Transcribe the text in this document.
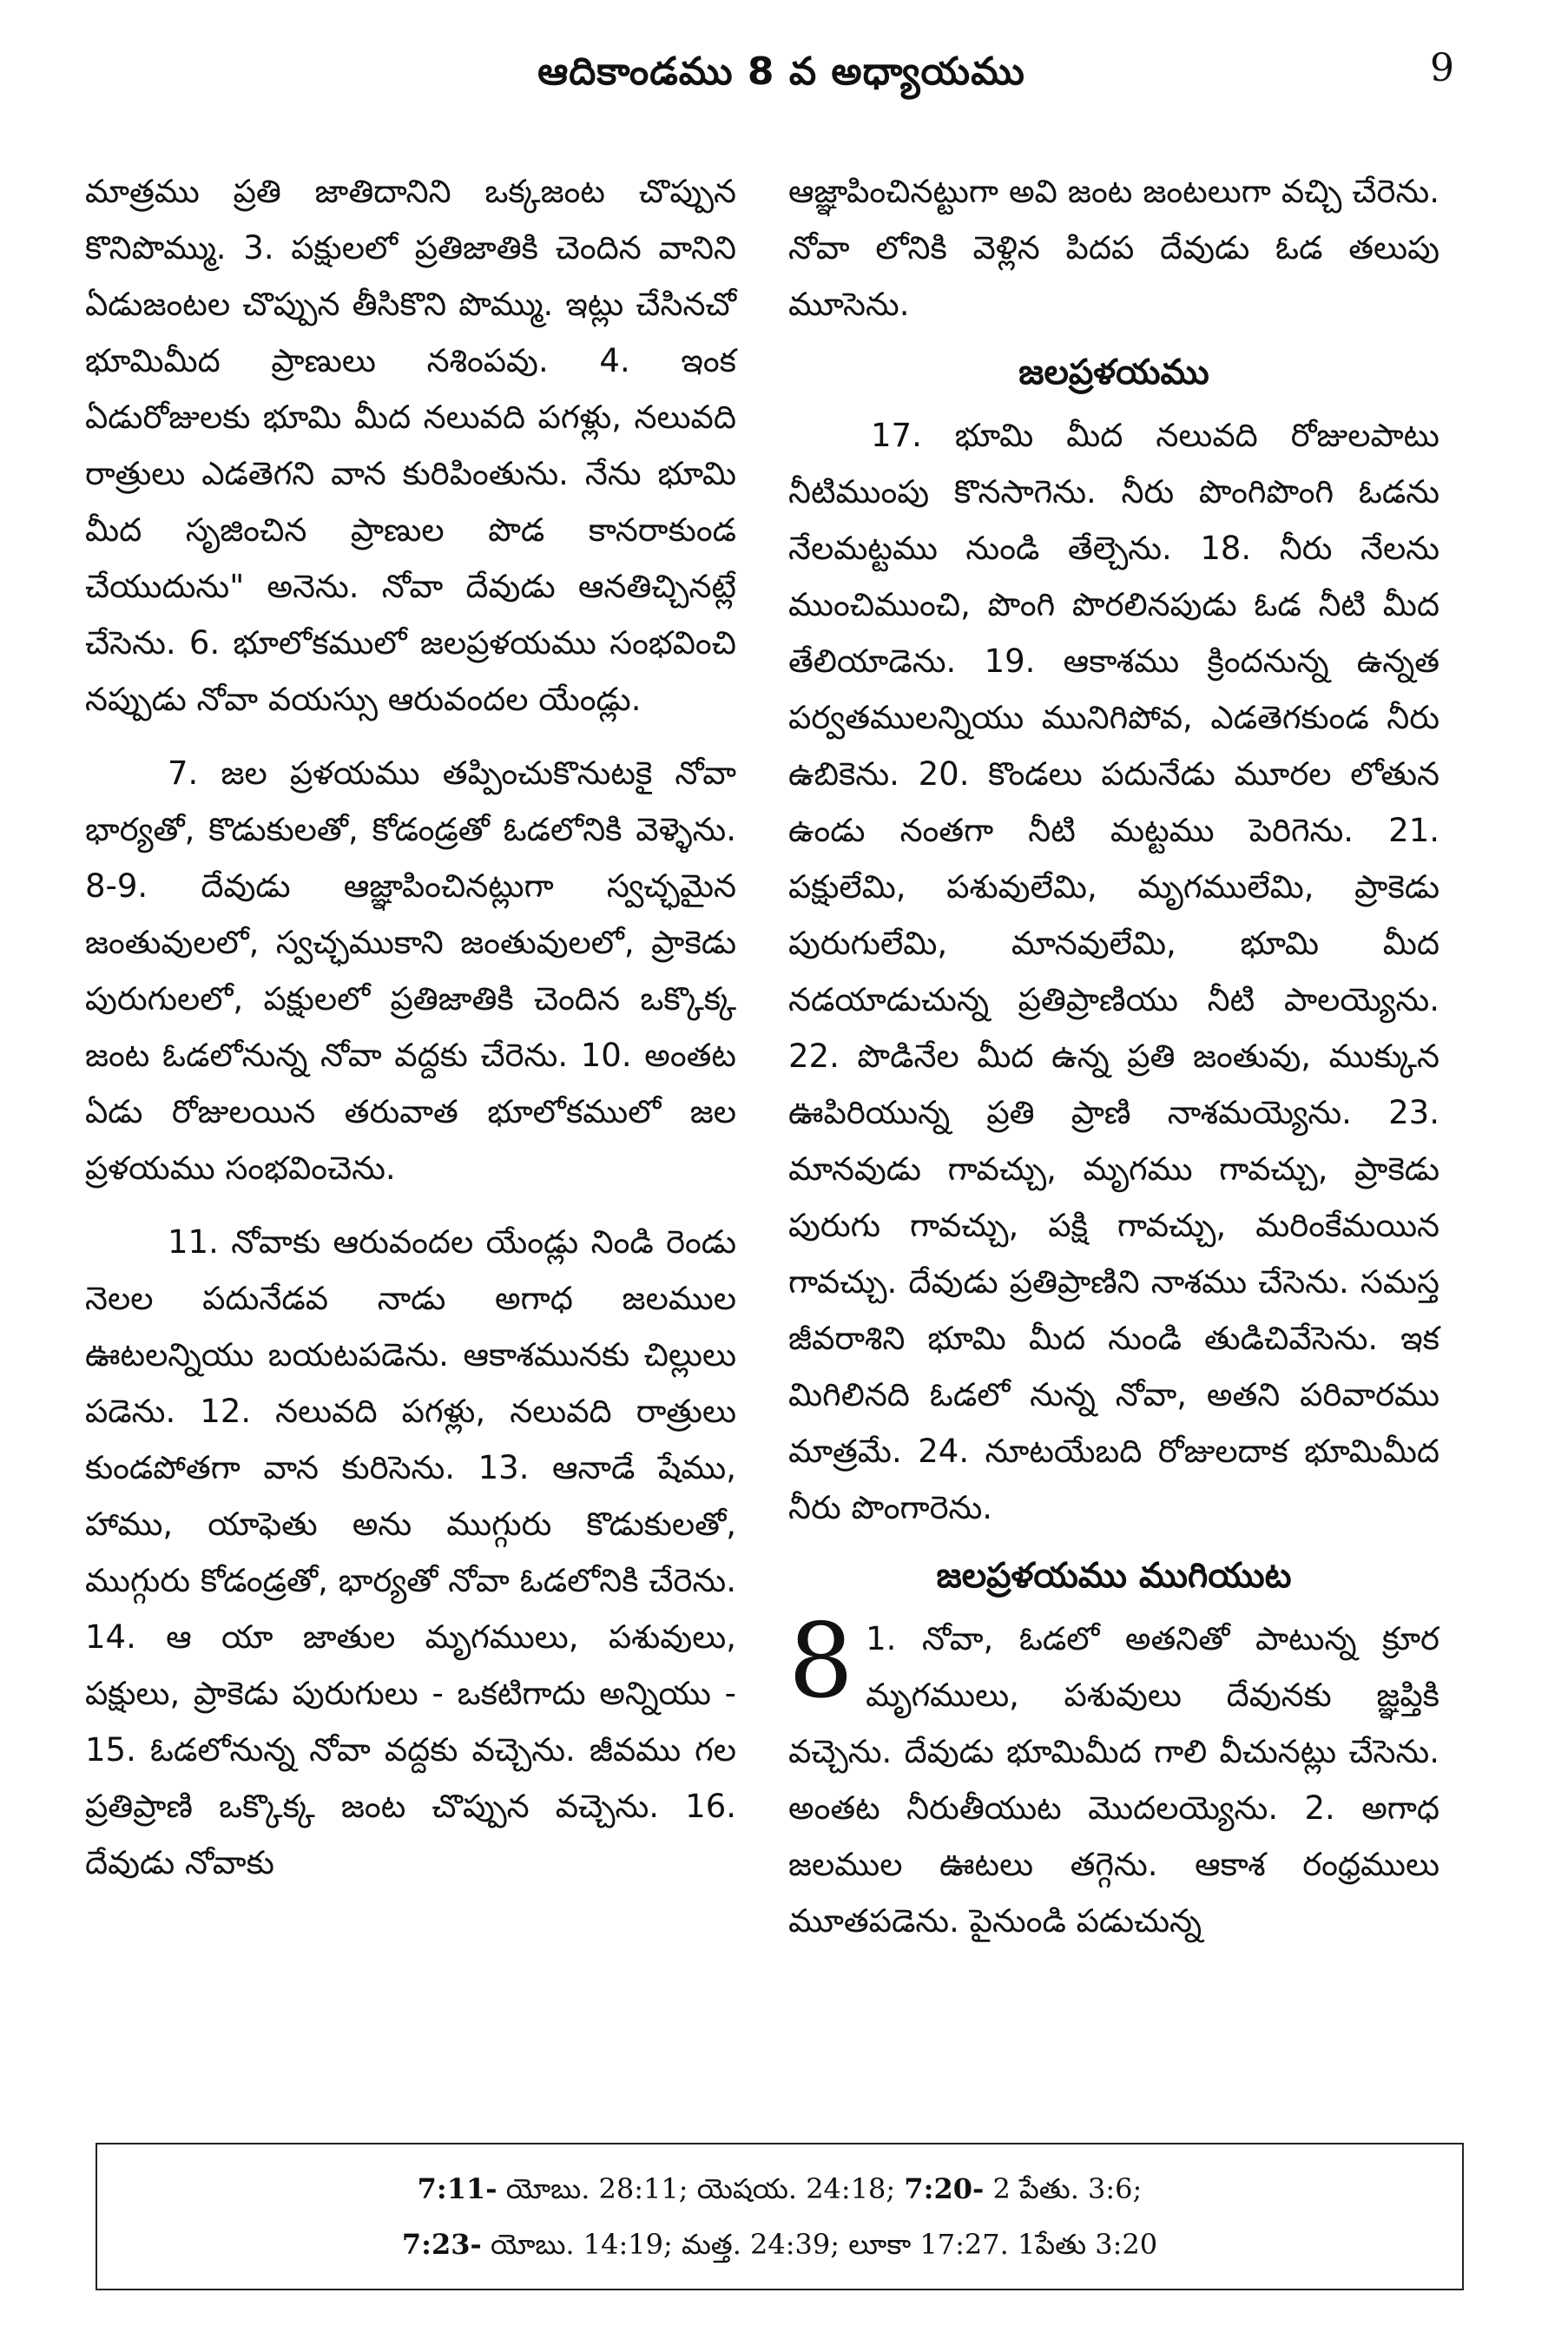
ఆదికాండము 8 వ అధ్యాయము	9

మాత్రము ప్రతి జాతిదానిని ఒక్కజంట చొప్పున కొనిపొమ్ము. 3. పక్షులలో ప్రతిజాతికి చెందిన వానిని ఏడుజంటల చొప్పున తీసికొని పొమ్ము. ఇట్లు చేసినచో భూమిమీద ప్రాణులు నశింపవు. 4. ఇంక ఏడురోజులకు భూమి మీద నలువది పగళ్లు, నలువది రాత్రులు ఎడతెగని వాన కురిపింతును. నేను భూమి మీద సృజించిన ప్రాణుల పొడ కానరాకుండ చేయుదును" అనెను. నోవా దేవుడు ఆనతిచ్చినట్లే చేసెను. 6. భూలోకములో జలప్రళయము సంభవించి నప్పుడు నోవా వయస్సు ఆరువందల యేండ్లు.

7. జల ప్రళయము తప్పించుకొనుటకై నోవా భార్యతో, కొడుకులతో, కోడండ్రతో ఓడలోనికి వెళ్ళెను. 8-9. దేవుడు ఆజ్ఞాపించినట్లుగా స్వచ్ఛమైన జంతువులలో, స్వచ్ఛముకాని జంతువులలో, ప్రాకెడు పురుగులలో, పక్షులలో ప్రతిజాతికి చెందిన ఒక్కొక్క జంట ఓడలోనున్న నోవా వద్దకు చేరెను. 10. అంతట ఏడు రోజులయిన తరువాత భూలోకములో జల ప్రళయము సంభవించెను.

11. నోవాకు ఆరువందల యేండ్లు నిండి రెండు నెలల పదునేడవ నాడు అగాధ జలముల ఊటలన్నియు బయటపడెను. ఆకాశమునకు చిల్లులు పడెను. 12. నలువది పగళ్లు, నలువది రాత్రులు కుండపోతగా వాన కురిసెను. 13. ఆనాడే షేము, హాము, యాఫెతు అను ముగ్గురు కొడుకులతో, ముగ్గురు కోడండ్రతో, భార్యతో నోవా ఓడలోనికి చేరెను. 14. ఆ యా జాతుల మృగములు, పశువులు, పక్షులు, ప్రాకెడు పురుగులు - ఒకటిగాదు అన్నియు - 15. ఓడలోనున్న నోవా వద్దకు వచ్చెను. జీవము గల ప్రతిప్రాణి ఒక్కొక్క జంట చొప్పున వచ్చెను. 16. దేవుడు నోవాకు

ఆజ్ఞాపించినట్టుగా అవి జంట జంటలుగా వచ్చి చేరెను. నోవా లోనికి వెళ్లిన పిదప దేవుడు ఓడ తలుపు మూసెను.

జలప్రళయము

17. భూమి మీద నలువది రోజులపాటు నీటిముంపు కొనసాగెను. నీరు పొంగిపొంగి ఓడను నేలమట్టము నుండి తేల్చెను. 18. నీరు నేలను ముంచిముంచి, పొంగి పొరలినపుడు ఓడ నీటి మీద తేలియాడెను. 19. ఆకాశము క్రిందనున్న ఉన్నత పర్వతములన్నియు మునిగిపోవ, ఎడతెగకుండ నీరు ఉబికెను. 20. కొండలు పదునేడు మూరల లోతున ఉండు నంతగా నీటి మట్టము పెరిగెను. 21. పక్షులేమి, పశువులేమి, మృగములేమి, ప్రాకెడు పురుగులేమి, మానవులేమి, భూమి మీద నడయాడుచున్న ప్రతిప్రాణియు నీటి పాలయ్యెను. 22. పొడినేల మీద ఉన్న ప్రతి జంతువు, ముక్కున ఊపిరియున్న ప్రతి ప్రాణి నాశమయ్యెను. 23. మానవుడు గావచ్చు, మృగము గావచ్చు, ప్రాకెడు పురుగు గావచ్చు, పక్షి గావచ్చు, మరింకేమయిన గావచ్చు. దేవుడు ప్రతిప్రాణిని నాశము చేసెను. సమస్త జీవరాశిని భూమి మీద నుండి తుడిచివేసెను. ఇక మిగిలినది ఓడలో నున్న నోవా, అతని పరివారము మాత్రమే. 24. నూటయేబది రోజులదాక భూమిమీద నీరు పొంగారెను.

జలప్రళయము ముగియుట

8 1. నోవా, ఓడలో అతనితో పాటున్న క్రూర మృగములు, పశువులు దేవునకు జ్ఞప్తికి వచ్చెను. దేవుడు భూమిమీద గాలి వీచునట్లు చేసెను. అంతట నీరుతీయుట మొదలయ్యెను. 2. అగాధ జలముల ఊటలు తగ్గెను. ఆకాశ రంధ్రములు మూతపడెను. పైనుండి పడుచున్న

7:11- యోబు. 28:11; యెషయ. 24:18; 7:20- 2 పేతు. 3:6;
7:23- యోబు. 14:19; మత్త. 24:39; లూకా 17:27. 1పేతు 3:20
